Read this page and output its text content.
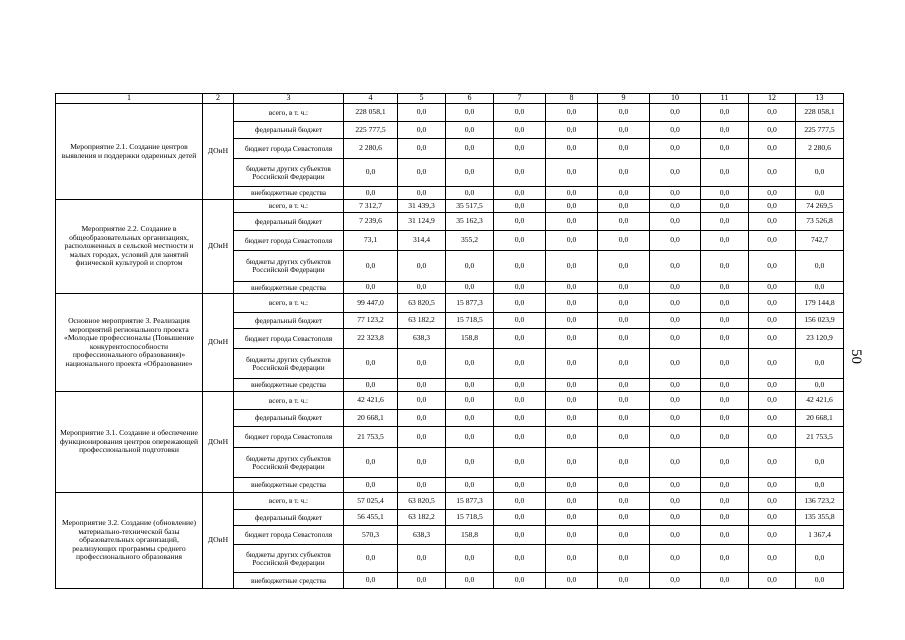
1	2	3	4	5	6	7	8	9	10	11	12	13
Мероприятие 2.1. Создание центров выявления и поддержки одаренных детей	ДОиН	всего, в т. ч.:	228 058,1	0,0	0,0	0,0	0,0	0,0	0,0	0,0	0,0	228 058,1
		федеральный бюджет	225 777,5	0,0	0,0	0,0	0,0	0,0	0,0	0,0	0,0	225 777,5
		бюджет города Севастополя	2 280,6	0,0	0,0	0,0	0,0	0,0	0,0	0,0	0,0	2 280,6
		бюджеты других субъектов Российской Федерации	0,0	0,0	0,0	0,0	0,0	0,0	0,0	0,0	0,0	0,0
		внебюджетные средства	0,0	0,0	0,0	0,0	0,0	0,0	0,0	0,0	0,0	0,0
Мероприятие 2.2. Создание в общеобразовательных организациях, расположенных в сельской местности и малых городах, условий для занятий физической культурой и спортом	ДОиН	всего, в т. ч.:	7 312,7	31 439,3	35 517,5	0,0	0,0	0,0	0,0	0,0	0,0	74 269,5
		федеральный бюджет	7 239,6	31 124,9	35 162,3	0,0	0,0	0,0	0,0	0,0	0,0	73 526,8
		бюджет города Севастополя	73,1	314,4	355,2	0,0	0,0	0,0	0,0	0,0	0,0	742,7
		бюджеты других субъектов Российской Федерации	0,0	0,0	0,0	0,0	0,0	0,0	0,0	0,0	0,0	0,0
		внебюджетные средства	0,0	0,0	0,0	0,0	0,0	0,0	0,0	0,0	0,0	0,0
Основное мероприятие 3. Реализация мероприятий регионального проекта «Молодые профессионалы (Повышение конкурентоспособности профессионального образования)» национального проекта «Образование»	ДОиН	всего, в т. ч.:	99 447,0	63 820,5	15 877,3	0,0	0,0	0,0	0,0	0,0	0,0	179 144,8
		федеральный бюджет	77 123,2	63 182,2	15 718,5	0,0	0,0	0,0	0,0	0,0	0,0	156 023,9
		бюджет города Севастополя	22 323,8	638,3	158,8	0,0	0,0	0,0	0,0	0,0	0,0	23 120,9
		бюджеты других субъектов Российской Федерации	0,0	0,0	0,0	0,0	0,0	0,0	0,0	0,0	0,0	0,0
		внебюджетные средства	0,0	0,0	0,0	0,0	0,0	0,0	0,0	0,0	0,0	0,0
Мероприятие 3.1. Создание и обеспечение функционирования центров опережающей профессиональной подготовки	ДОиН	всего, в т. ч.:	42 421,6	0,0	0,0	0,0	0,0	0,0	0,0	0,0	0,0	42 421,6
		федеральный бюджет	20 668,1	0,0	0,0	0,0	0,0	0,0	0,0	0,0	0,0	20 668,1
		бюджет города Севастополя	21 753,5	0,0	0,0	0,0	0,0	0,0	0,0	0,0	0,0	21 753,5
		бюджеты других субъектов Российской Федерации	0,0	0,0	0,0	0,0	0,0	0,0	0,0	0,0	0,0	0,0
		внебюджетные средства	0,0	0,0	0,0	0,0	0,0	0,0	0,0	0,0	0,0	0,0
Мероприятие 3.2. Создание (обновление) материально-технической базы образовательных организаций, реализующих программы среднего профессионального образования	ДОиН	всего, в т. ч.:	57 025,4	63 820,5	15 877,3	0,0	0,0	0,0	0,0	0,0	0,0	136 723,2
		федеральный бюджет	56 455,1	63 182,2	15 718,5	0,0	0,0	0,0	0,0	0,0	0,0	135 355,8
		бюджет города Севастополя	570,3	638,3	158,8	0,0	0,0	0,0	0,0	0,0	0,0	1 367,4
		бюджеты других субъектов Российской Федерации	0,0	0,0	0,0	0,0	0,0	0,0	0,0	0,0	0,0	0,0
		внебюджетные средства	0,0	0,0	0,0	0,0	0,0	0,0	0,0	0,0	0,0	0,0
50
